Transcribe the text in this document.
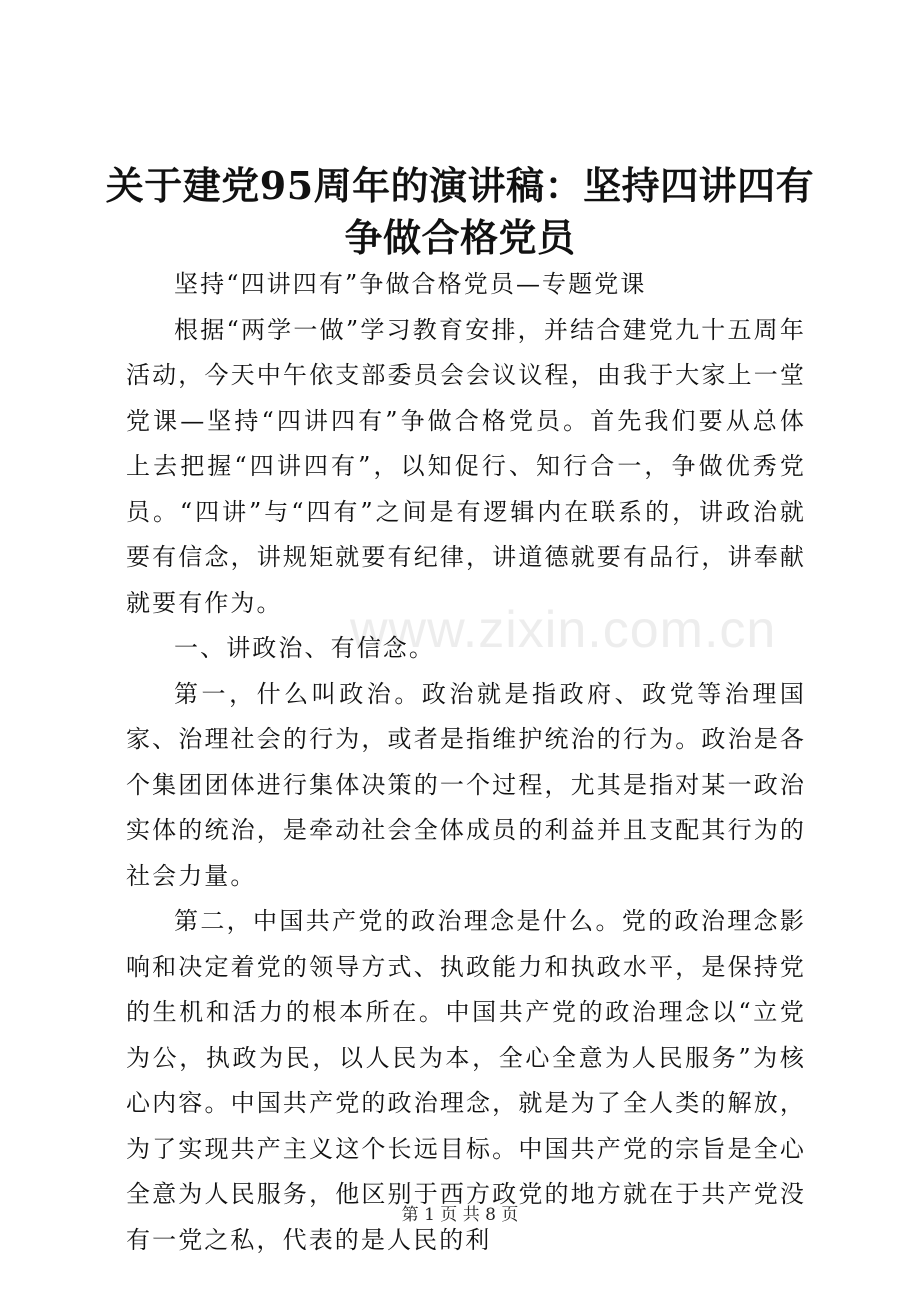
关于建党95周年的演讲稿：坚持四讲四有争做合格党员
www.zixin.com.cn

坚持“四讲四有”争做合格党员—专题党课

根据“两学一做”学习教育安排，并结合建党九十五周年活动，今天中午依支部委员会会议议程，由我于大家上一堂党课—坚持“四讲四有”争做合格党员。首先我们要从总体上去把握“四讲四有”，以知促行、知行合一，争做优秀党员。“四讲”与“四有”之间是有逻辑内在联系的，讲政治就要有信念，讲规矩就要有纪律，讲道德就要有品行，讲奉献就要有作为。

一、讲政治、有信念。

第一，什么叫政治。政治就是指政府、政党等治理国家、治理社会的行为，或者是指维护统治的行为。政治是各个集团团体进行集体决策的一个过程，尤其是指对某一政治实体的统治，是牵动社会全体成员的利益并且支配其行为的社会力量。

第二，中国共产党的政治理念是什么。党的政治理念影响和决定着党的领导方式、执政能力和执政水平，是保持党的生机和活力的根本所在。中国共产党的政治理念以“立党为公，执政为民，以人民为本，全心全意为人民服务”为核心内容。中国共产党的政治理念，就是为了全人类的解放，为了实现共产主义这个长远目标。中国共产党的宗旨是全心全意为人民服务，他区别于西方政党的地方就在于共产党没有一党之私，代表的是人民的利

第 1 页 共 8 页
